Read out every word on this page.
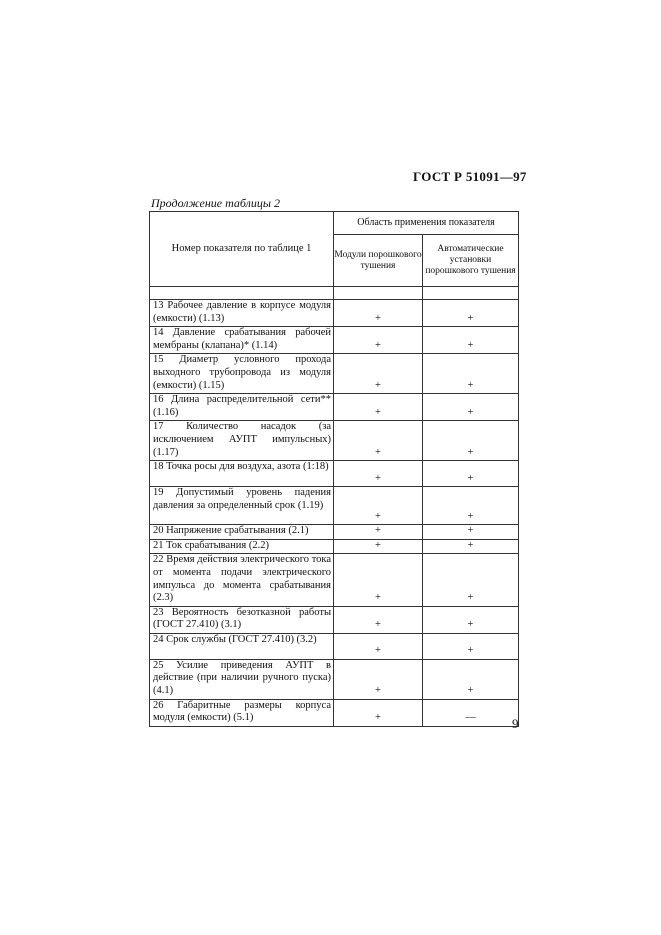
ГОСТ Р 51091—97
Продолжение таблицы 2
Номер показателя по таблице 1	Область применения показателя	
	Модули порошкового тушения	Автоматические установки порошкового тушения

13 Рабочее давление в корпусе модуля (емкости) (1.13)	+	+
14 Давление срабатывания рабочей мембраны (клапана)* (1.14)	+	+
15 Диаметр условного прохода выходного трубопровода из модуля (емкости) (1.15)	+	+
16 Длина распределительной сети** (1.16)	+	+
17 Количество насадок (за исключением АУПТ импульсных) (1.17)	+	+
18 Точка росы для воздуха, азота (1:18)	+	+
19 Допустимый уровень падения давления за определенный срок (1.19)	+	+
20 Напряжение срабатывания (2.1)	+	+
21 Ток срабатывания (2.2)	+	+
22 Время действия электрического тока от момента подачи электрического импульса до момента срабатывания (2.3)	+	+
23 Вероятность безотказной работы (ГОСТ 27.410) (3.1)	+	+
24 Срок службы (ГОСТ 27.410) (3.2)	+	+
25 Усилие приведения АУПТ в действие (при наличии ручного пуска) (4.1)	+	+
26 Габаритные размеры корпуса модуля (емкости) (5.1)	+	—	9
